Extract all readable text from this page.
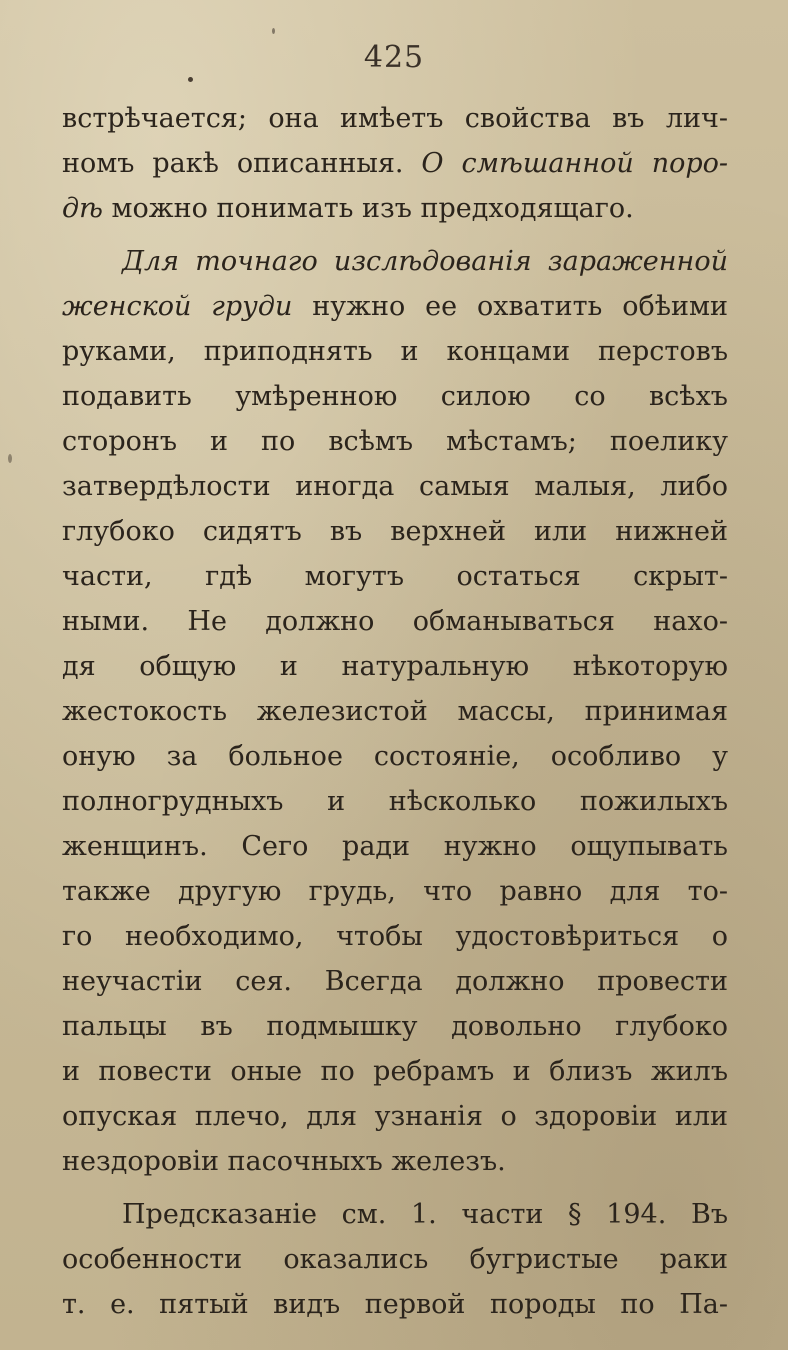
425
встрѣчается; она имѣетъ свойства въ лич-
номъ ракѣ описанныя. О смѣшанной поро-
дѣ можно понимать изъ предходящаго.
Для точнаго изслѣдованія зараженной
женской груди нужно ее охватить обѣими
руками, приподнять и концами перстовъ
подавить умѣренною силою со всѣхъ
сторонъ и по всѣмъ мѣстамъ; поелику
затвердѣлости иногда самыя малыя, либо
глубоко сидятъ въ верхней или нижней
части, гдѣ могутъ остаться скрыт-
ными. Не должно обманываться нахо-
дя общую и натуральную нѣкоторую
жестокость железистой массы, принимая
оную за больное состояніе, особливо у
полногрудныхъ и нѣсколько пожилыхъ
женщинъ. Сего ради нужно ощупывать
также другую грудь, что равно для то-
го необходимо, чтобы удостовѣриться о
неучастіи сея. Всегда должно провести
пальцы въ подмышку довольно глубоко
и повести оные по ребрамъ и близъ жилъ
опуская плечо, для узнанія о здоровіи или
нездоровіи пасочныхъ железъ.
Предсказаніе см. 1. части § 194. Въ
особенности оказались бугристые раки
т. е. пятый видъ первой породы по Па-
